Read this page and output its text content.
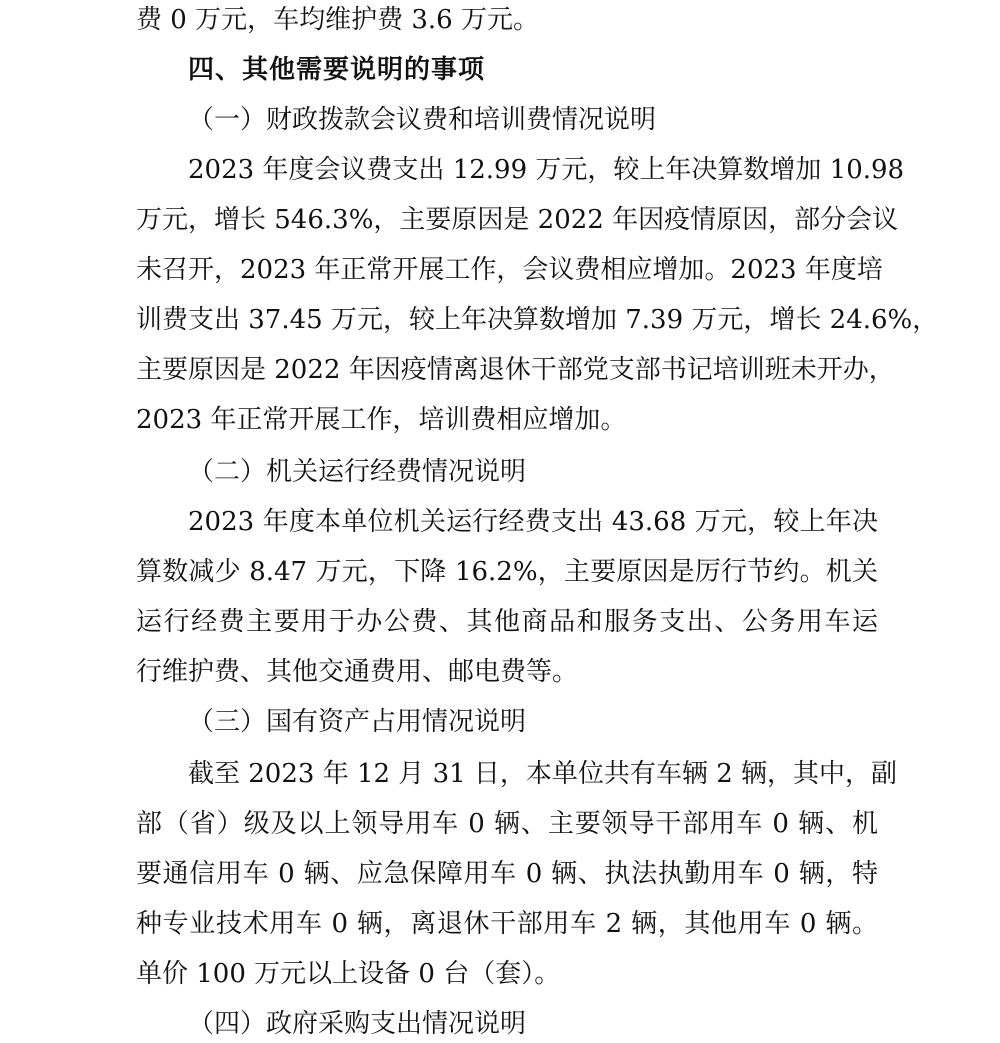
费 0 万元，车均维护费 3.6 万元。
四、其他需要说明的事项
（一）财政拨款会议费和培训费情况说明
2023 年度会议费支出 12.99 万元，较上年决算数增加 10.98
万元，增长 546.3%，主要原因是 2022 年因疫情原因，部分会议
未召开，2023 年正常开展工作，会议费相应增加。2023 年度培
训费支出 37.45 万元，较上年决算数增加 7.39 万元，增长 24.6%，
主要原因是 2022 年因疫情离退休干部党支部书记培训班未开办，
2023 年正常开展工作，培训费相应增加。
（二）机关运行经费情况说明
2023 年度本单位机关运行经费支出 43.68 万元，较上年决
算数减少 8.47 万元，下降 16.2%，主要原因是厉行节约。机关
运行经费主要用于办公费、其他商品和服务支出、公务用车运
行维护费、其他交通费用、邮电费等。
（三）国有资产占用情况说明
截至 2023 年 12 月 31 日，本单位共有车辆 2 辆，其中，副
部（省）级及以上领导用车 0 辆、主要领导干部用车 0 辆、机
要通信用车 0 辆、应急保障用车 0 辆、执法执勤用车 0 辆，特
种专业技术用车 0 辆，离退休干部用车 2 辆，其他用车 0 辆。
单价 100 万元以上设备 0 台（套）。
（四）政府采购支出情况说明
